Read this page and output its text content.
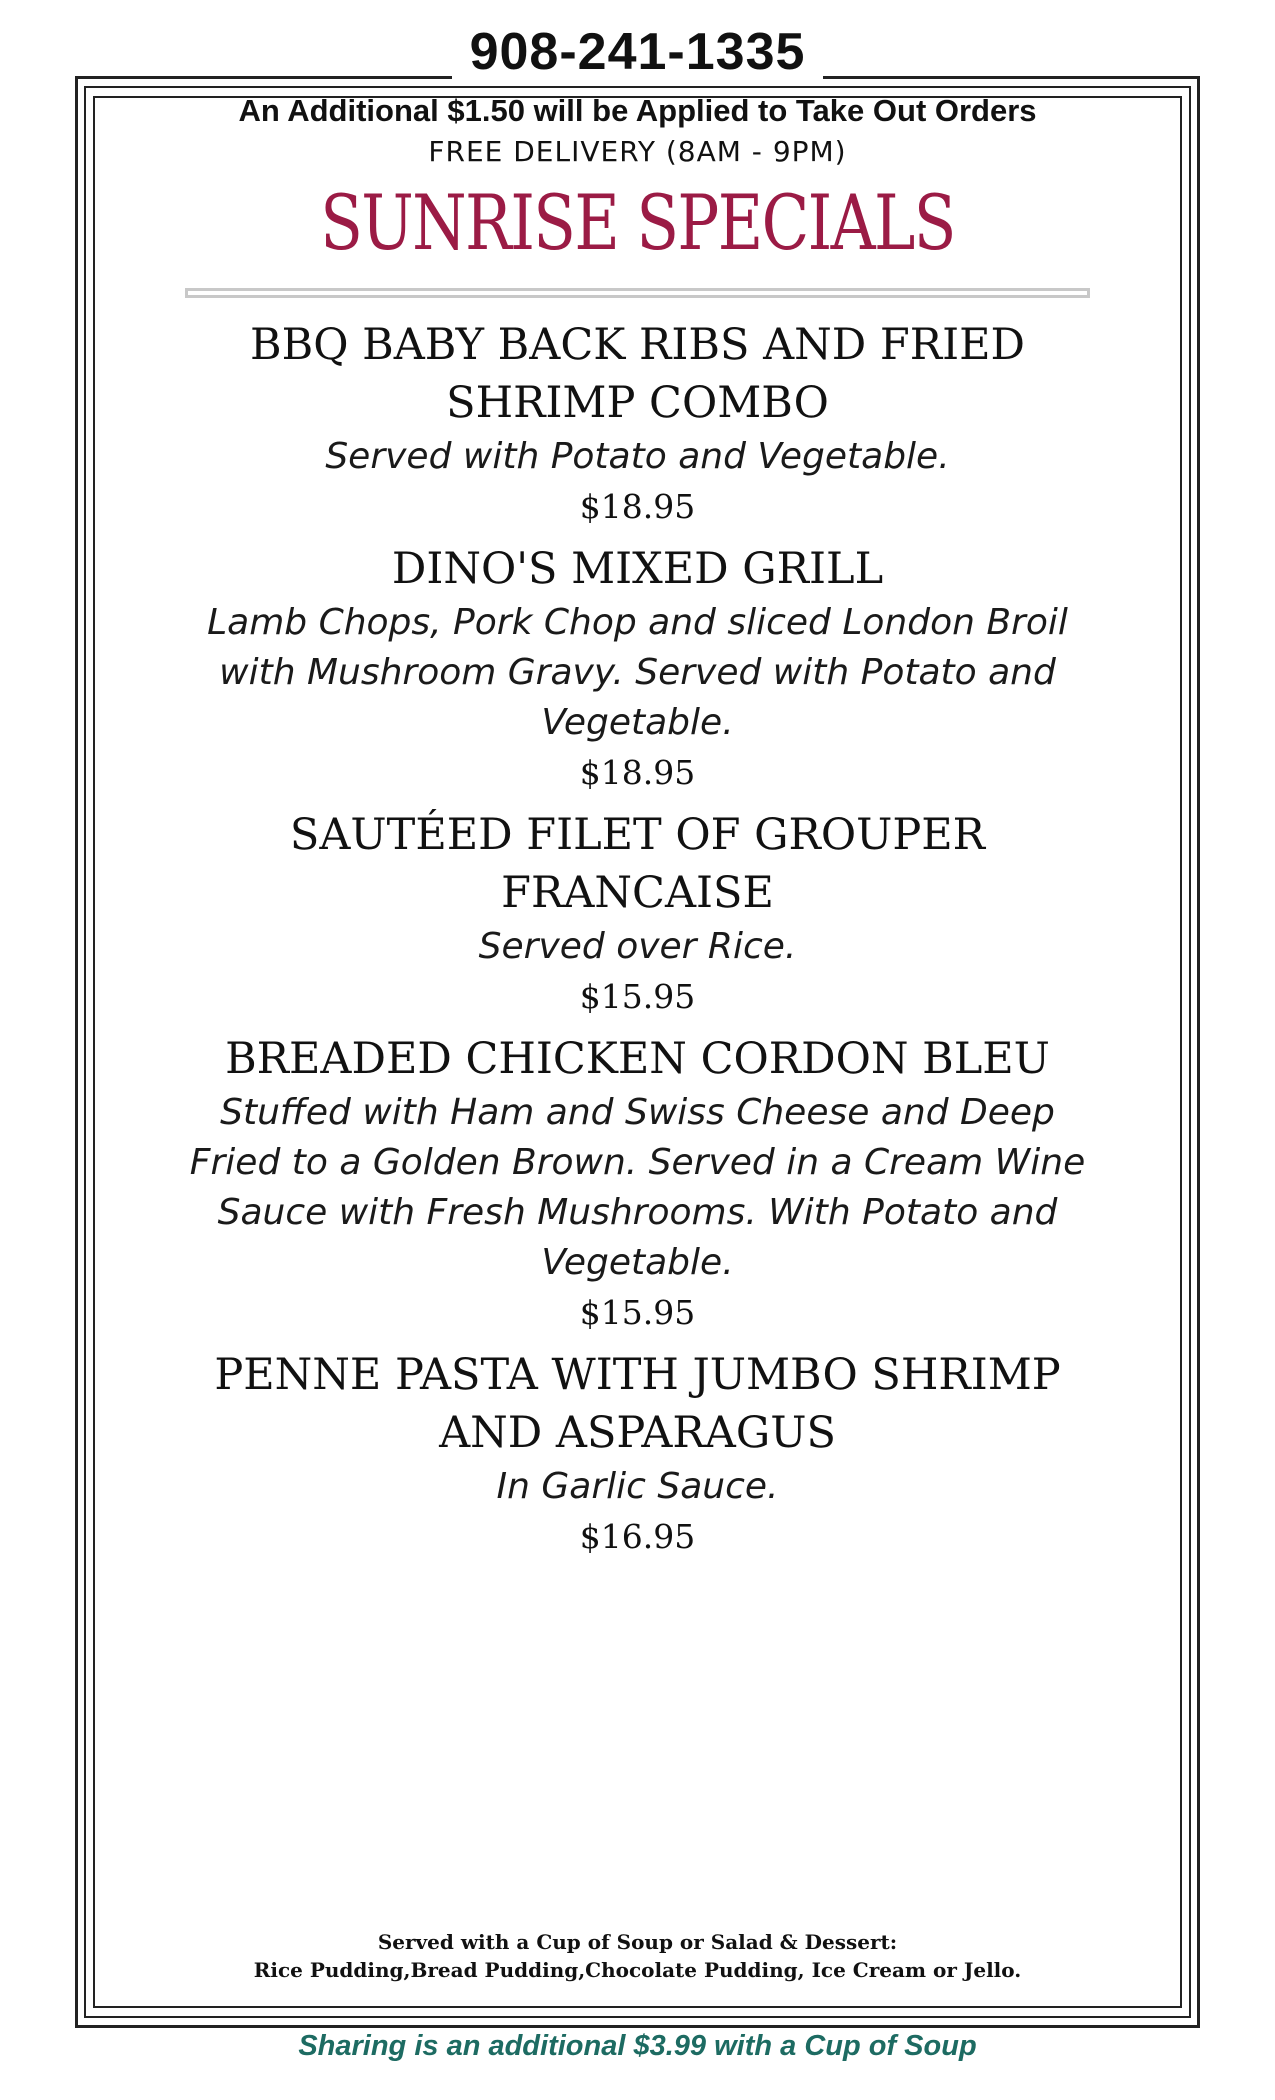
908-241-1335
An Additional $1.50 will be Applied to Take Out Orders
FREE DELIVERY (8AM - 9PM)
SUNRISE SPECIALS

BBQ BABY BACK RIBS AND FRIED SHRIMP COMBO

Served with Potato and Vegetable.

$18.95

DINO'S MIXED GRILL

Lamb Chops, Pork Chop and sliced London Broil with Mushroom Gravy. Served with Potato and Vegetable.

$18.95

SAUTÉED FILET OF GROUPER FRANCAISE

Served over Rice.

$15.95

BREADED CHICKEN CORDON BLEU

Stuffed with Ham and Swiss Cheese and Deep Fried to a Golden Brown. Served in a Cream Wine Sauce with Fresh Mushrooms. With Potato and Vegetable.

$15.95

PENNE PASTA WITH JUMBO SHRIMP AND ASPARAGUS

In Garlic Sauce.

$16.95

Served with a Cup of Soup or Salad & Dessert:
Rice Pudding,Bread Pudding,Chocolate Pudding, Ice Cream or Jello.
Sharing is an additional $3.99 with a Cup of Soup
